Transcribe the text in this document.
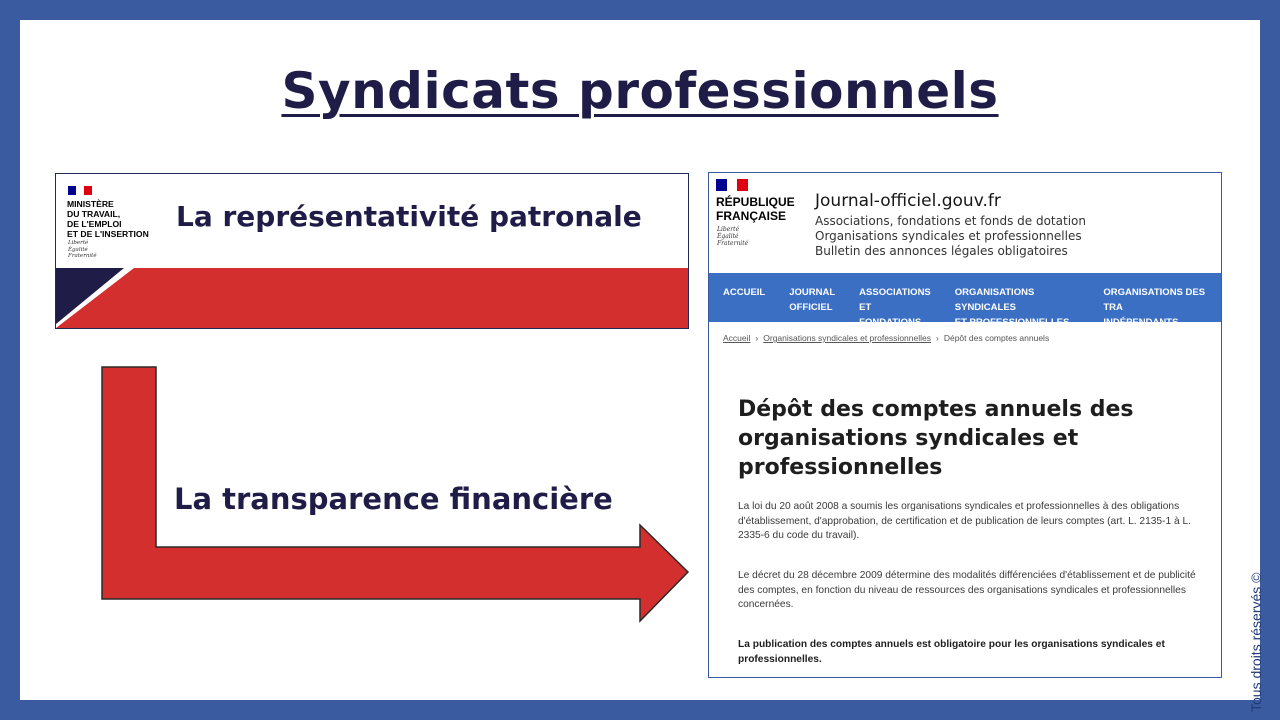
Syndicats professionnels
MINISTÈRE
DU TRAVAIL,
DE L'EMPLOI
ET DE L'INSERTION
Liberté
Égalité
Fraternité
La représentativité patronale
La transparence financière
RÉPUBLIQUE
FRANÇAISE
Liberté
Égalité
Fraternité
Journal-officiel.gouv.fr
Associations, fondations et fonds de dotation
Organisations syndicales et professionnelles
Bulletin des annonces légales obligatoires
ACCUEIL	JOURNAL
OFFICIEL
ASSOCIATIONS
ET FONDATIONS
ORGANISATIONS SYNDICALES
ET PROFESSIONNELLES
ORGANISATIONS DES TRA
INDÉPENDANTS
Accueil › Organisations syndicales et professionnelles › Dépôt des comptes annuels
Dépôt des comptes annuels des organisations syndicales et professionnelles
La loi du 20 août 2008 a soumis les organisations syndicales et professionnelles à des obligations d'établissement, d'approbation, de certification et de publication de leurs comptes (art. L. 2135-1 à L. 2335-6 du code du travail).
Le décret du 28 décembre 2009 détermine des modalités différenciées d'établissement et de publicité des comptes, en fonction du niveau de ressources des organisations syndicales et professionnelles concernées.
La publication des comptes annuels est obligatoire pour les organisations syndicales et professionnelles.	Tous droits réservés ©
